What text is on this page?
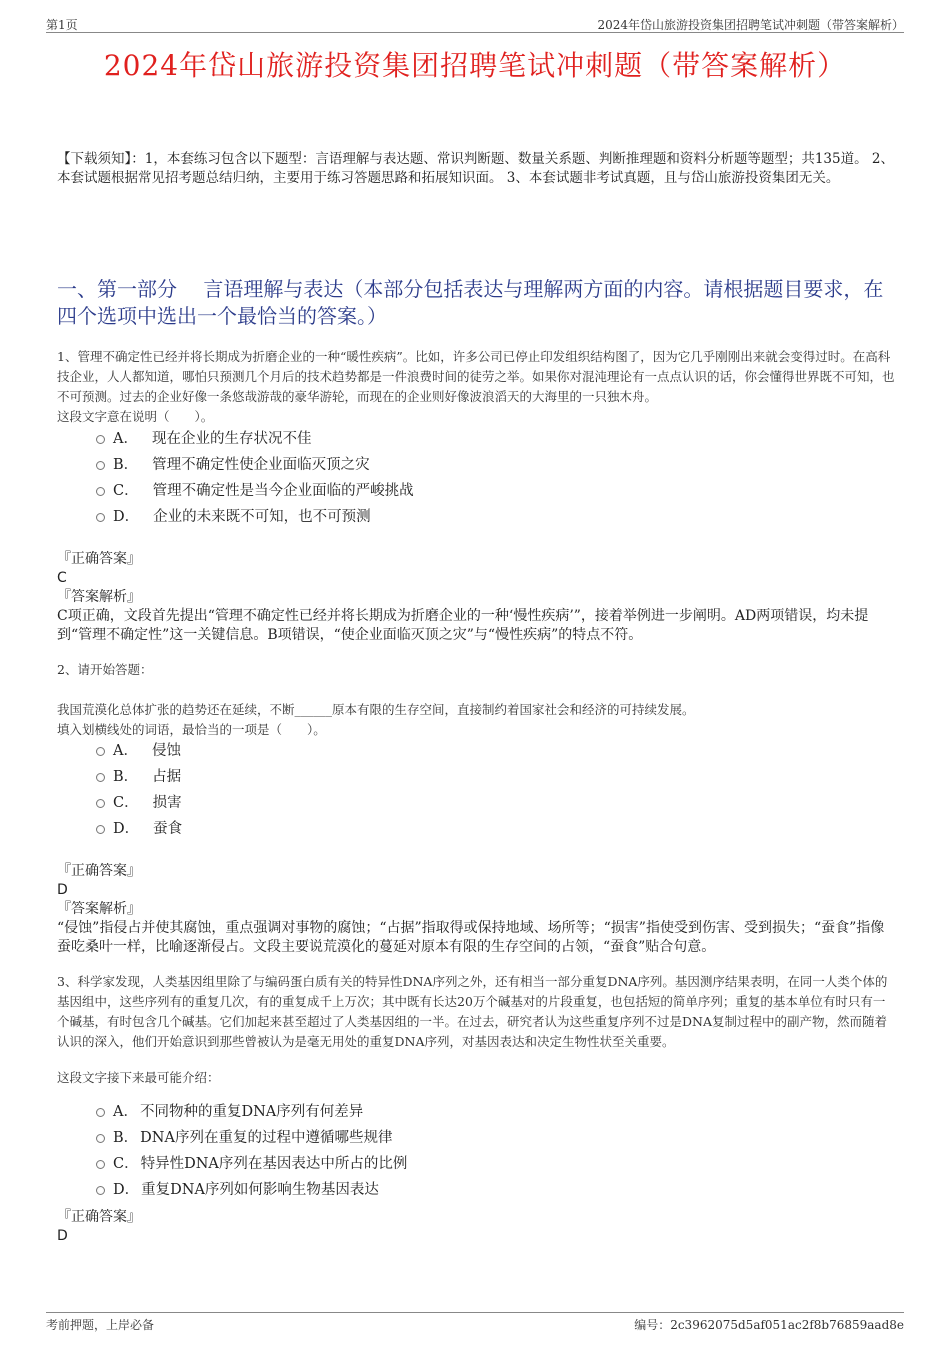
第1页	2024年岱山旅游投资集团招聘笔试冲刺题（带答案解析）
2024年岱山旅游投资集团招聘笔试冲刺题（带答案解析）
【下载须知】：1，本套练习包含以下题型：言语理解与表达题、常识判断题、数量关系题、判断推理题和资料分析题等题型；共135道。 2、本套试题根据常见招考题总结归纳，主要用于练习答题思路和拓展知识面。 3、本套试题非考试真题，且与岱山旅游投资集团无关。
一、第一部分　 言语理解与表达（本部分包括表达与理解两方面的内容。请根据题目要求，在四个选项中选出一个最恰当的答案。）
1、管理不确定性已经并将长期成为折磨企业的一种“暖性疾病”。比如，许多公司已停止印发组织结构图了，因为它几乎刚刚出来就会变得过时。在高科技企业，人人都知道，哪怕只预测几个月后的技术趋势都是一件浪费时间的徒劳之举。如果你对混沌理论有一点点认识的话，你会懂得世界既不可知，也不可预测。过去的企业好像一条悠哉游哉的豪华游轮，而现在的企业则好像波浪滔天的大海里的一只独木舟。
这段文字意在说明（　　）。
A． 现在企业的生存状况不佳
B． 管理不确定性使企业面临灭顶之灾
C． 管理不确定性是当今企业面临的严峻挑战
D． 企业的未来既不可知，也不可预测
『正确答案』
C
『答案解析』
C项正确，文段首先提出“管理不确定性已经并将长期成为折磨企业的一种‘慢性疾病’”，接着举例进一步阐明。AD两项错误，均未提到“管理不确定性”这一关键信息。B项错误，“使企业面临灭顶之灾”与“慢性疾病”的特点不符。
2、请开始答题：
我国荒漠化总体扩张的趋势还在延续，不断______原本有限的生存空间，直接制约着国家社会和经济的可持续发展。
填入划横线处的词语，最恰当的一项是（　　）。
A． 侵蚀
B． 占据
C． 损害
D． 蚕食
『正确答案』
D
『答案解析』
“侵蚀”指侵占并使其腐蚀，重点强调对事物的腐蚀；“占据”指取得或保持地域、场所等；“损害”指使受到伤害、受到损失；“蚕食”指像蚕吃桑叶一样，比喻逐渐侵占。文段主要说荒漠化的蔓延对原本有限的生存空间的占领，“蚕食”贴合句意。
3、科学家发现，人类基因组里除了与编码蛋白质有关的特异性DNA序列之外，还有相当一部分重复DNA序列。基因测序结果表明，在同一人类个体的基因组中，这些序列有的重复几次，有的重复成千上万次；其中既有长达20万个碱基对的片段重复，也包括短的简单序列；重复的基本单位有时只有一个碱基，有时包含几个碱基。它们加起来甚至超过了人类基因组的一半。在过去，研究者认为这些重复序列不过是DNA复制过程中的副产物，然而随着认识的深入，他们开始意识到那些曾被认为是毫无用处的重复DNA序列，对基因表达和决定生物性状至关重要。
这段文字接下来最可能介绍：
A． 不同物种的重复DNA序列有何差异
B． DNA序列在重复的过程中遵循哪些规律
C． 特异性DNA序列在基因表达中所占的比例
D． 重复DNA序列如何影响生物基因表达
『正确答案』
D
考前押题，上岸必备	编号：2c3962075d5af051ac2f8b76859aad8e
